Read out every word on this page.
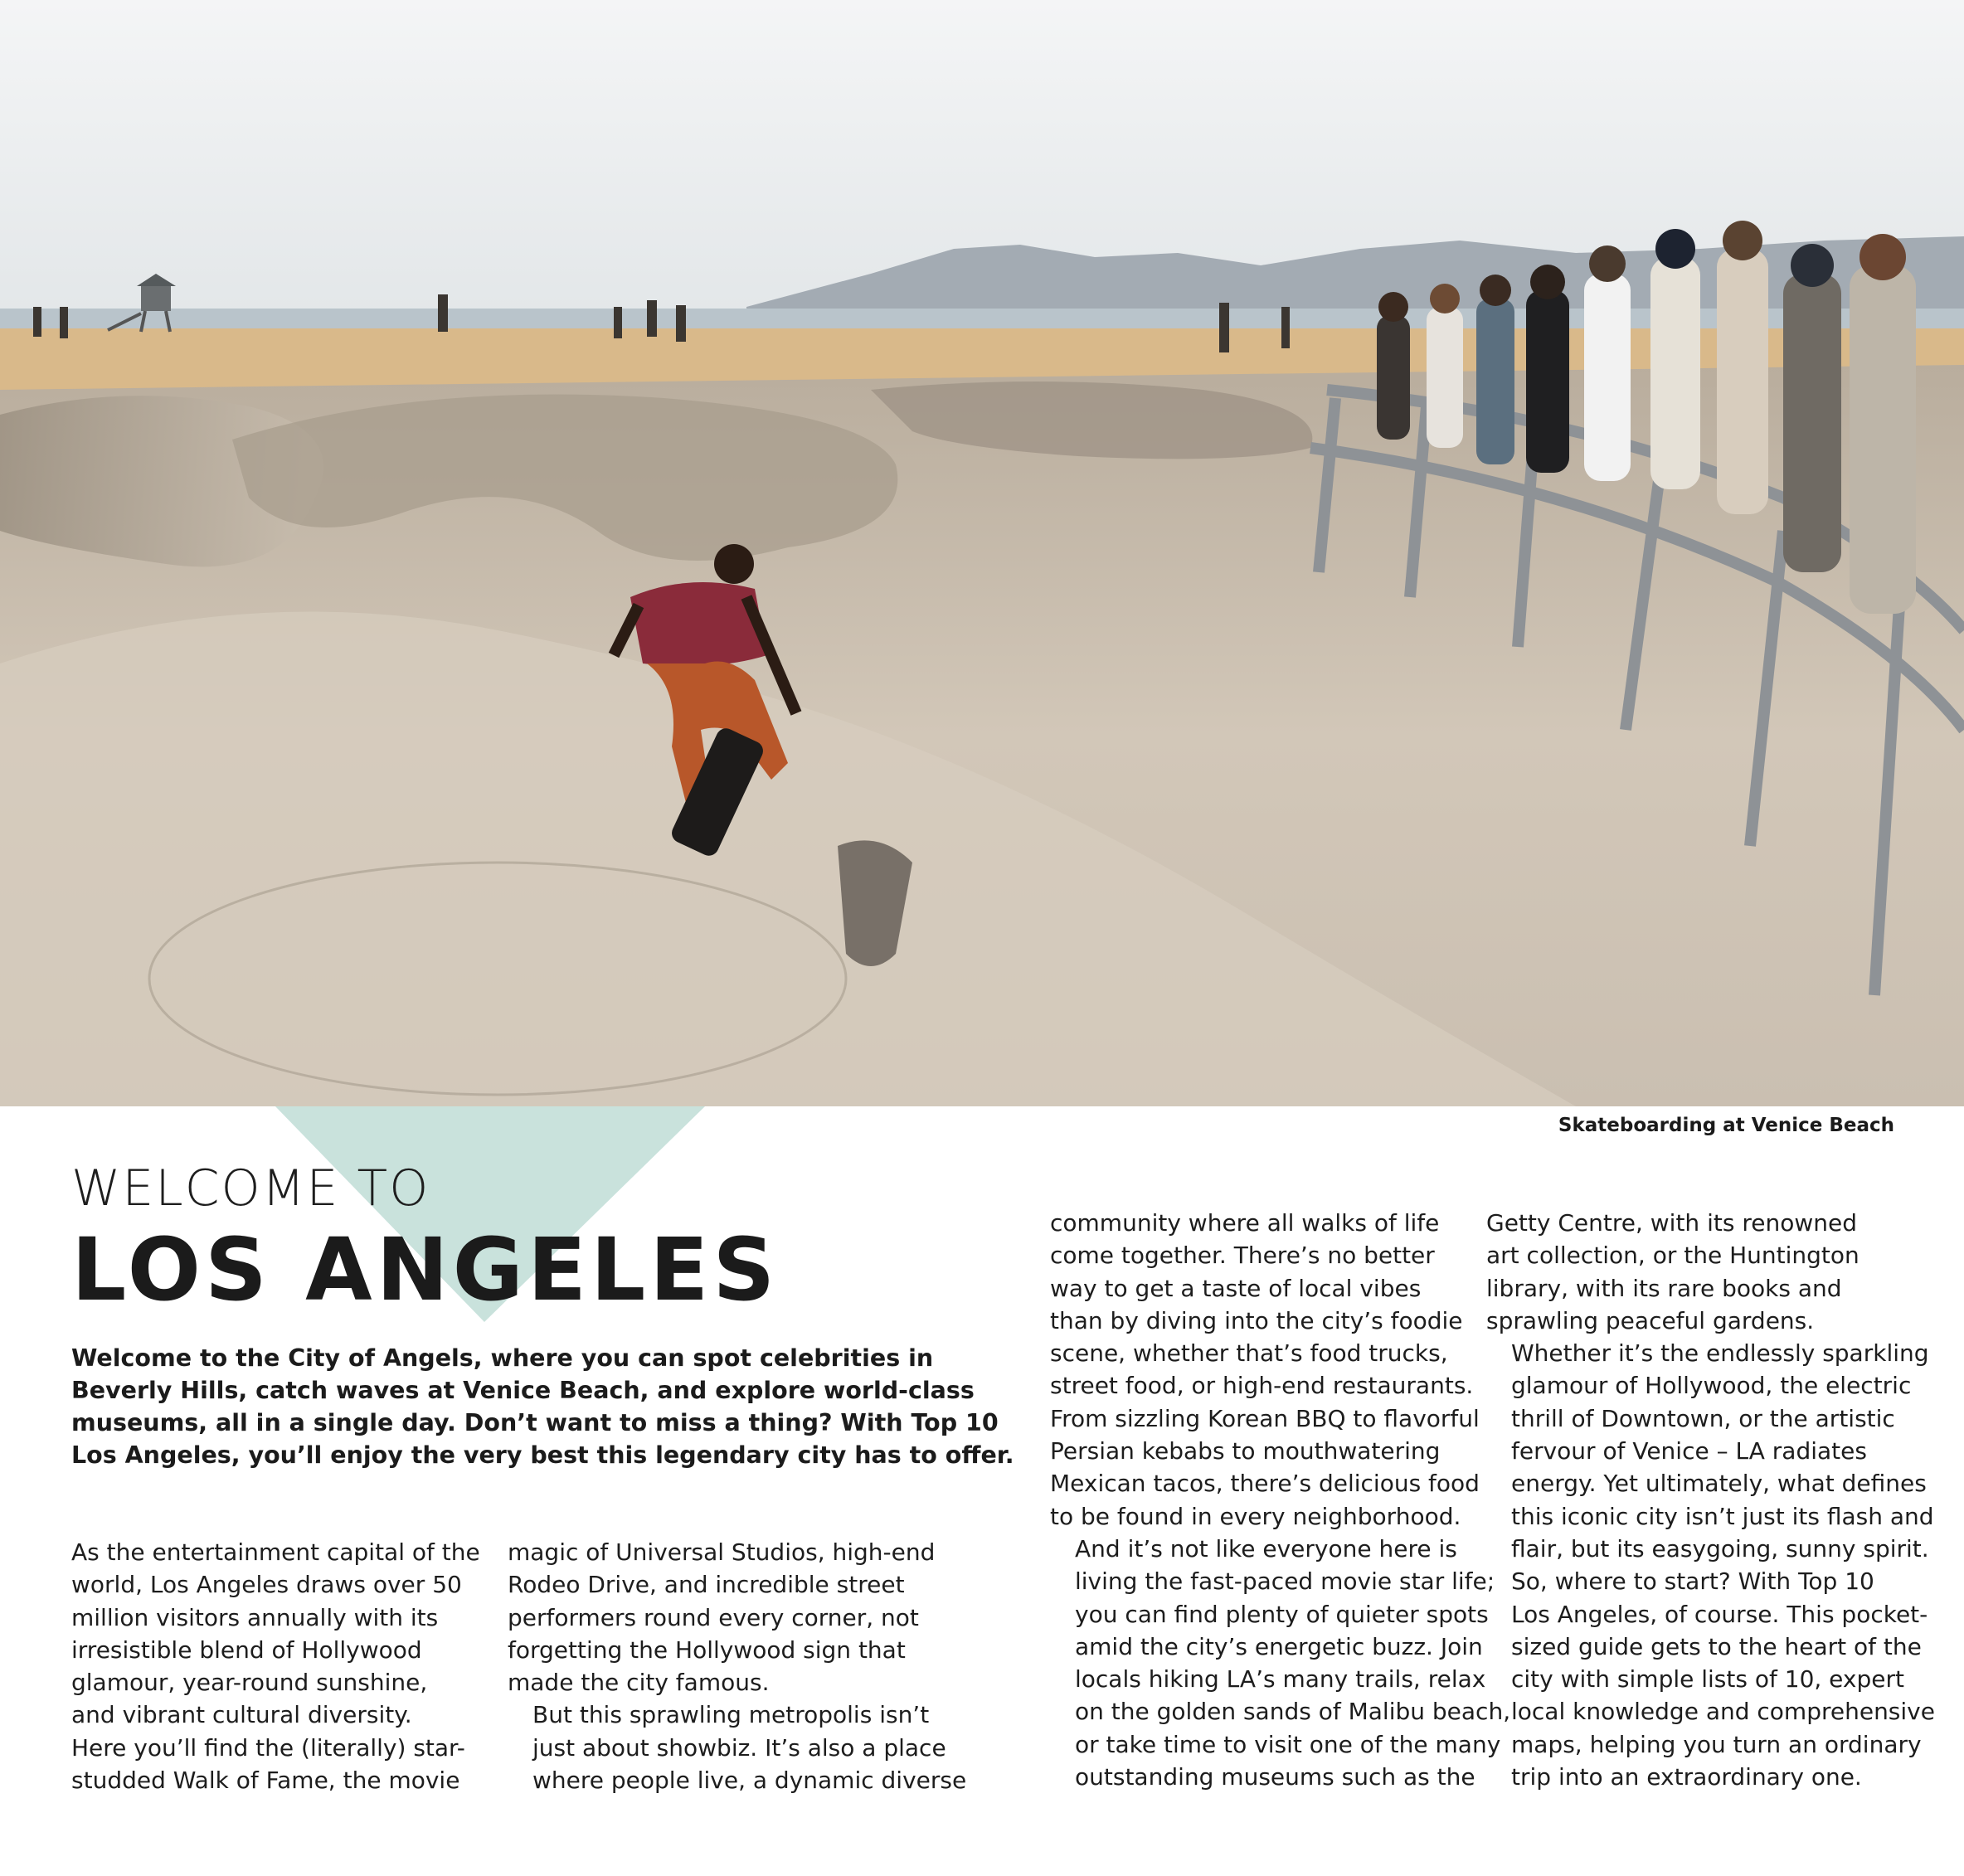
Skateboarding at Venice Beach
WELCOME TO
LOS ANGELES
Welcome to the City of Angels, where you can spot celebrities in
Beverly Hills, catch waves at Venice Beach, and explore world-class
museums, all in a single day. Don’t want to miss a thing? With Top 10
Los Angeles, you’ll enjoy the very best this legendary city has to offer.

As the entertainment capital of the
world, Los Angeles draws over 50
million visitors annually with its
irresistible blend of Hollywood
glamour, year-round sunshine,
and vibrant cultural diversity.
Here you’ll find the (literally) star-
studded Walk of Fame, the movie

magic of Universal Studios, high-end
Rodeo Drive, and incredible street
performers round every corner, not
forgetting the Hollywood sign that
made the city famous.

But this sprawling metropolis isn’t
just about showbiz. It’s also a place
where people live, a dynamic diverse

community where all walks of life
come together. There’s no better
way to get a taste of local vibes
than by diving into the city’s foodie
scene, whether that’s food trucks,
street food, or high-end restaurants.
From sizzling Korean BBQ to flavorful
Persian kebabs to mouthwatering
Mexican tacos, there’s delicious food
to be found in every neighborhood.

And it’s not like everyone here is
living the fast-paced movie star life;
you can find plenty of quieter spots
amid the city’s energetic buzz. Join
locals hiking LA’s many trails, relax
on the golden sands of Malibu beach,
or take time to visit one of the many
outstanding museums such as the

Getty Centre, with its renowned
art collection, or the Huntington
library, with its rare books and
sprawling peaceful gardens.

Whether it’s the endlessly sparkling
glamour of Hollywood, the electric
thrill of Downtown, or the artistic
fervour of Venice – LA radiates
energy. Yet ultimately, what defines
this iconic city isn’t just its flash and
flair, but its easygoing, sunny spirit.

So, where to start? With Top 10
Los Angeles, of course. This pocket-
sized guide gets to the heart of the
city with simple lists of 10, expert
local knowledge and comprehensive
maps, helping you turn an ordinary
trip into an extraordinary one.
